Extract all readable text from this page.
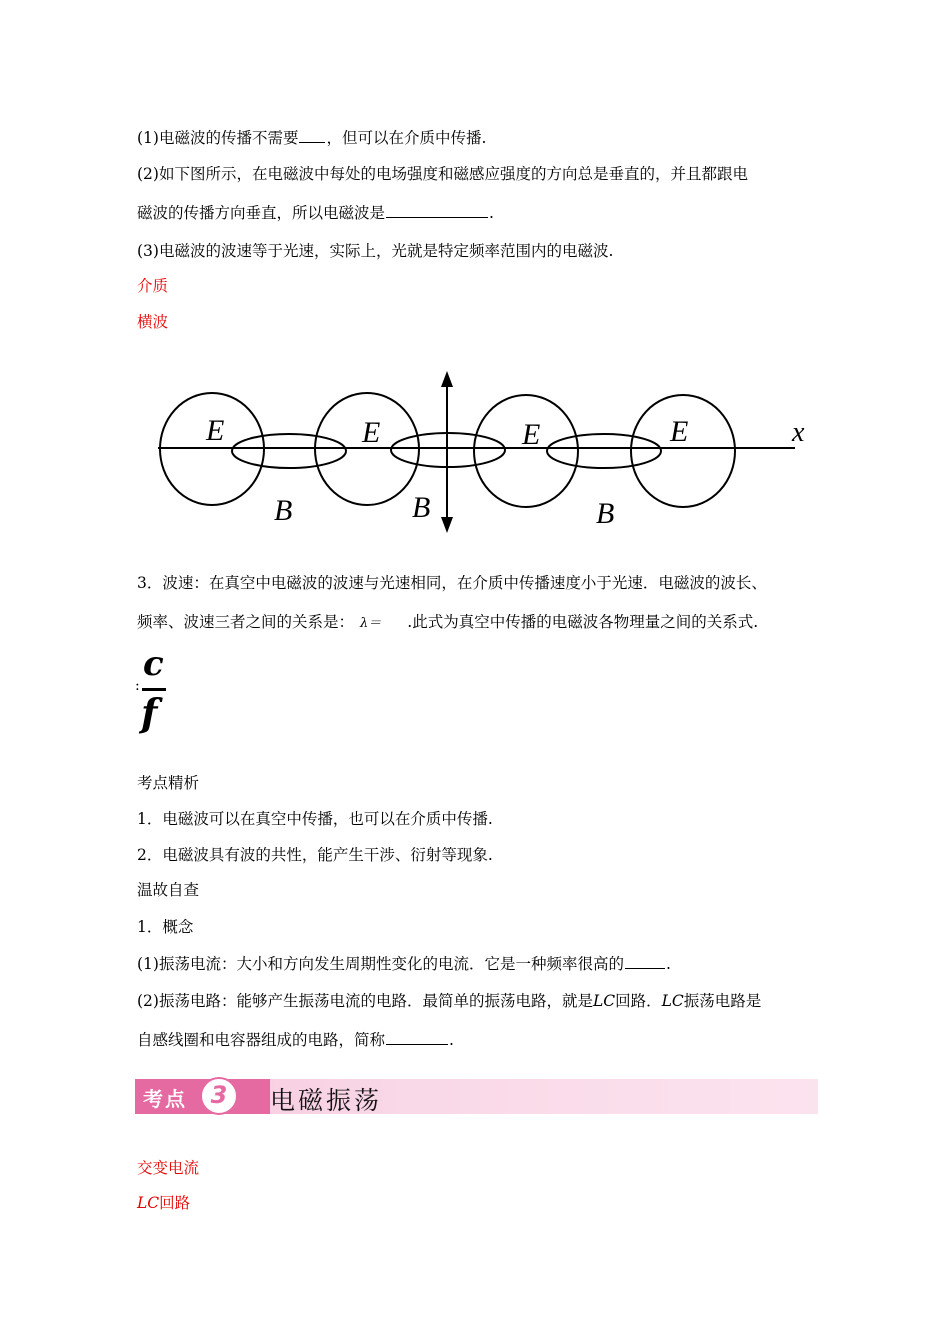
(1)电磁波的传播不需要 ，但可以在介质中传播.
(2)如下图所示，在电磁波中每处的电场强度和磁感应强度的方向总是垂直的，并且都跟电
磁波的传播方向垂直，所以电磁波是	.
(3)电磁波的波速等于光速，实际上，光就是特定频率范围内的电磁波.
介质
横波
E	E	E	E
B	B	B
x
3．波速：在真空中电磁波的波速与光速相同，在介质中传播速度小于光速．电磁波的波长、
频率、波速三者之间的关系是： λ＝ .此式为真空中传播的电磁波各物理量之间的关系式.
:
c
f
考点精析
1．电磁波可以在真空中传播，也可以在介质中传播.
2．电磁波具有波的共性，能产生干涉、衍射等现象.
温故自查
1．概念
(1)振荡电流：大小和方向发生周期性变化的电流．它是一种频率很高的	.
(2)振荡电路：能够产生振荡电流的电路．最简单的振荡电路，就是LC回路．LC振荡电路是
自感线圈和电容器组成的电路，简称	.
考点 3	电磁振荡
交变电流
LC回路
